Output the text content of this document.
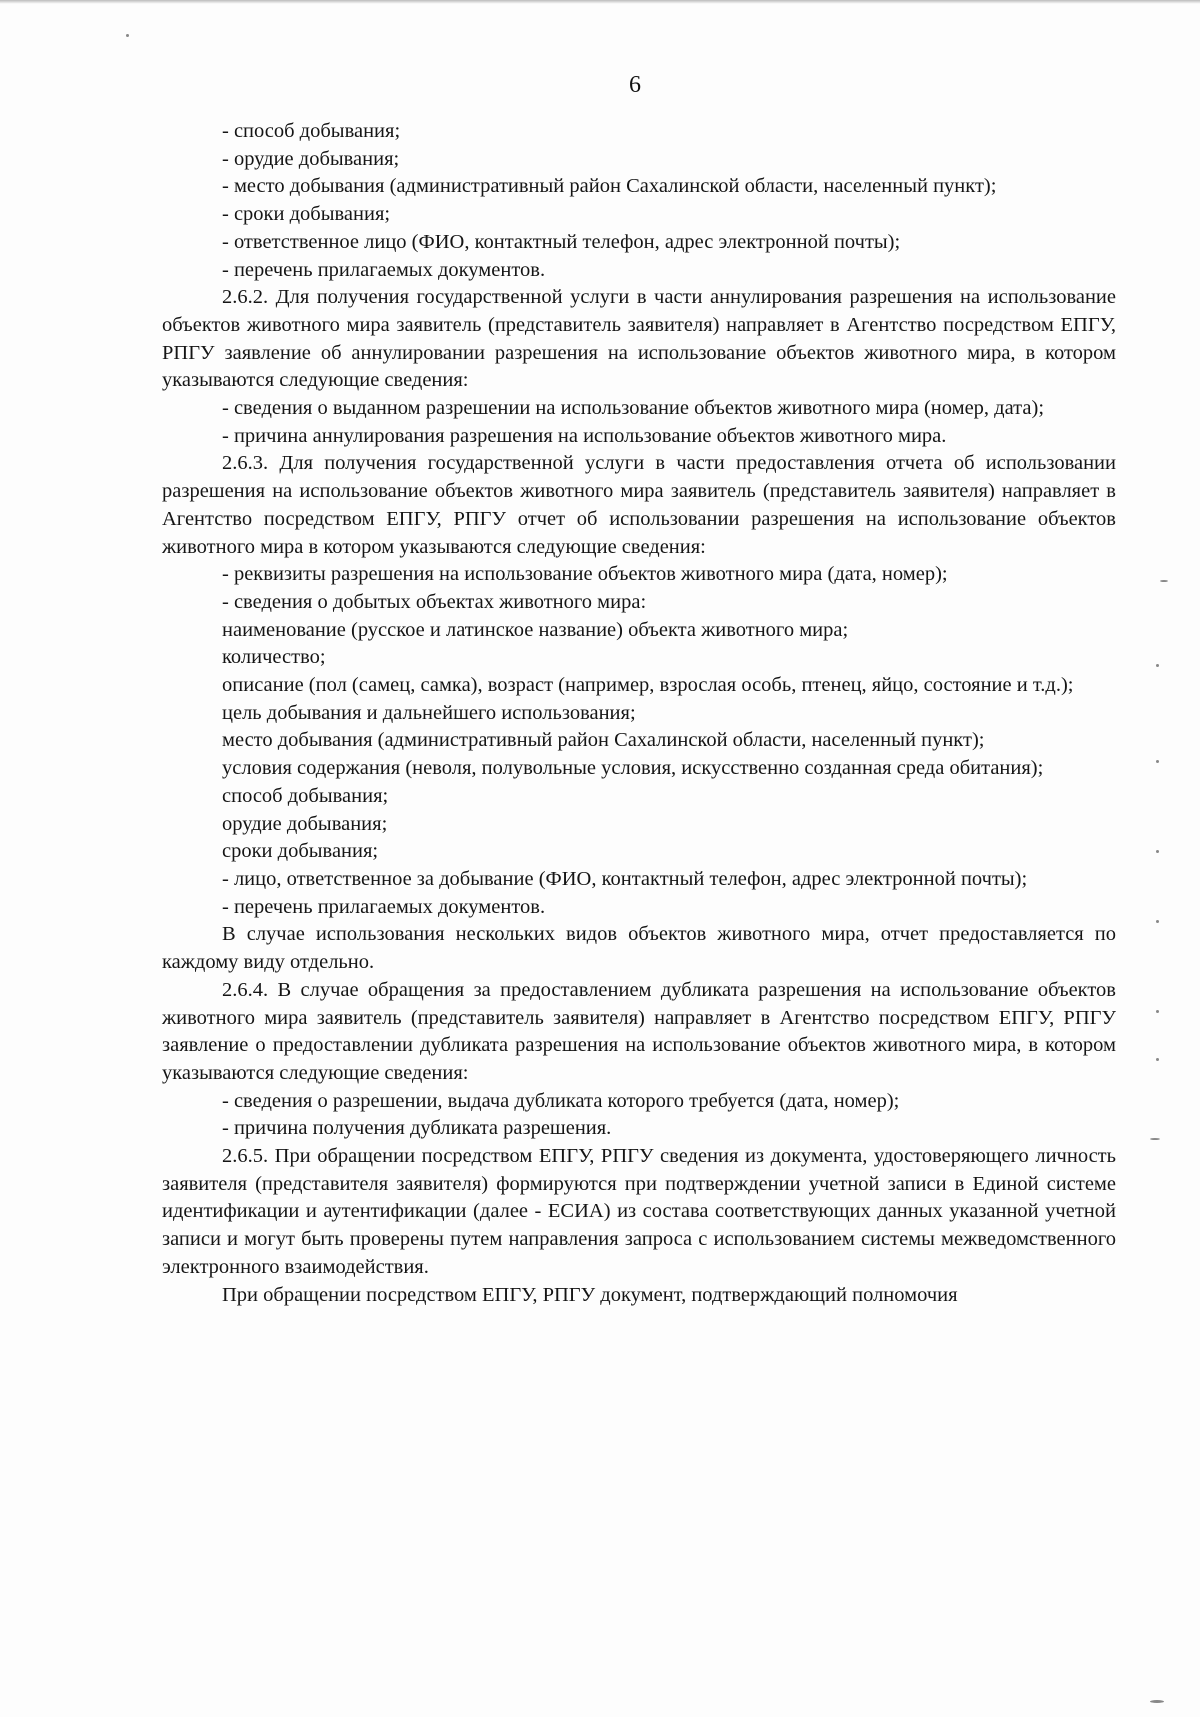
6

- способ добывания;

- орудие добывания;

- место добывания (административный район Сахалинской области, населенный пункт);

- сроки добывания;

- ответственное лицо (ФИО, контактный телефон, адрес электронной почты);

- перечень прилагаемых документов.

2.6.2. Для получения государственной услуги в части аннулирования разрешения на использование объектов животного мира заявитель (представитель заявителя) направляет в Агентство посредством ЕПГУ, РПГУ заявление об аннулировании разрешения на использование объектов животного мира, в котором указываются следующие сведения:

- сведения о выданном разрешении на использование объектов животного мира (номер, дата);

- причина аннулирования разрешения на использование объектов животного мира.

2.6.3. Для получения государственной услуги в части предоставления отчета об использовании разрешения на использование объектов животного мира заявитель (представитель заявителя) направляет в Агентство посредством ЕПГУ, РПГУ отчет об использовании разрешения на использование объектов животного мира в котором указываются следующие сведения:

- реквизиты разрешения на использование объектов животного мира (дата, номер);

- сведения о добытых объектах животного мира:

наименование (русское и латинское название) объекта животного мира;

количество;

описание (пол (самец, самка), возраст (например, взрослая особь, птенец, яйцо, состояние и т.д.);

цель добывания и дальнейшего использования;

место добывания (административный район Сахалинской области, населенный пункт);

условия содержания (неволя, полувольные условия, искусственно созданная среда обитания);

способ добывания;

орудие добывания;

сроки добывания;

- лицо, ответственное за добывание (ФИО, контактный телефон, адрес электронной почты);

- перечень прилагаемых документов.

В случае использования нескольких видов объектов животного мира, отчет предоставляется по каждому виду отдельно.

2.6.4. В случае обращения за предоставлением дубликата разрешения на использование объектов животного мира заявитель (представитель заявителя) направляет в Агентство посредством ЕПГУ, РПГУ заявление о предоставлении дубликата разрешения на использование объектов животного мира, в котором указываются следующие сведения:

- сведения о разрешении, выдача дубликата которого требуется (дата, номер);

- причина получения дубликата разрешения.

2.6.5. При обращении посредством ЕПГУ, РПГУ сведения из документа, удостоверяющего личность заявителя (представителя заявителя) формируются при подтверждении учетной записи в Единой системе идентификации и аутентификации (далее - ЕСИА) из состава соответствующих данных указанной учетной записи и могут быть проверены путем направления запроса с использованием системы межведомственного электронного взаимодействия.

При обращении посредством ЕПГУ, РПГУ документ, подтверждающий полномочия
